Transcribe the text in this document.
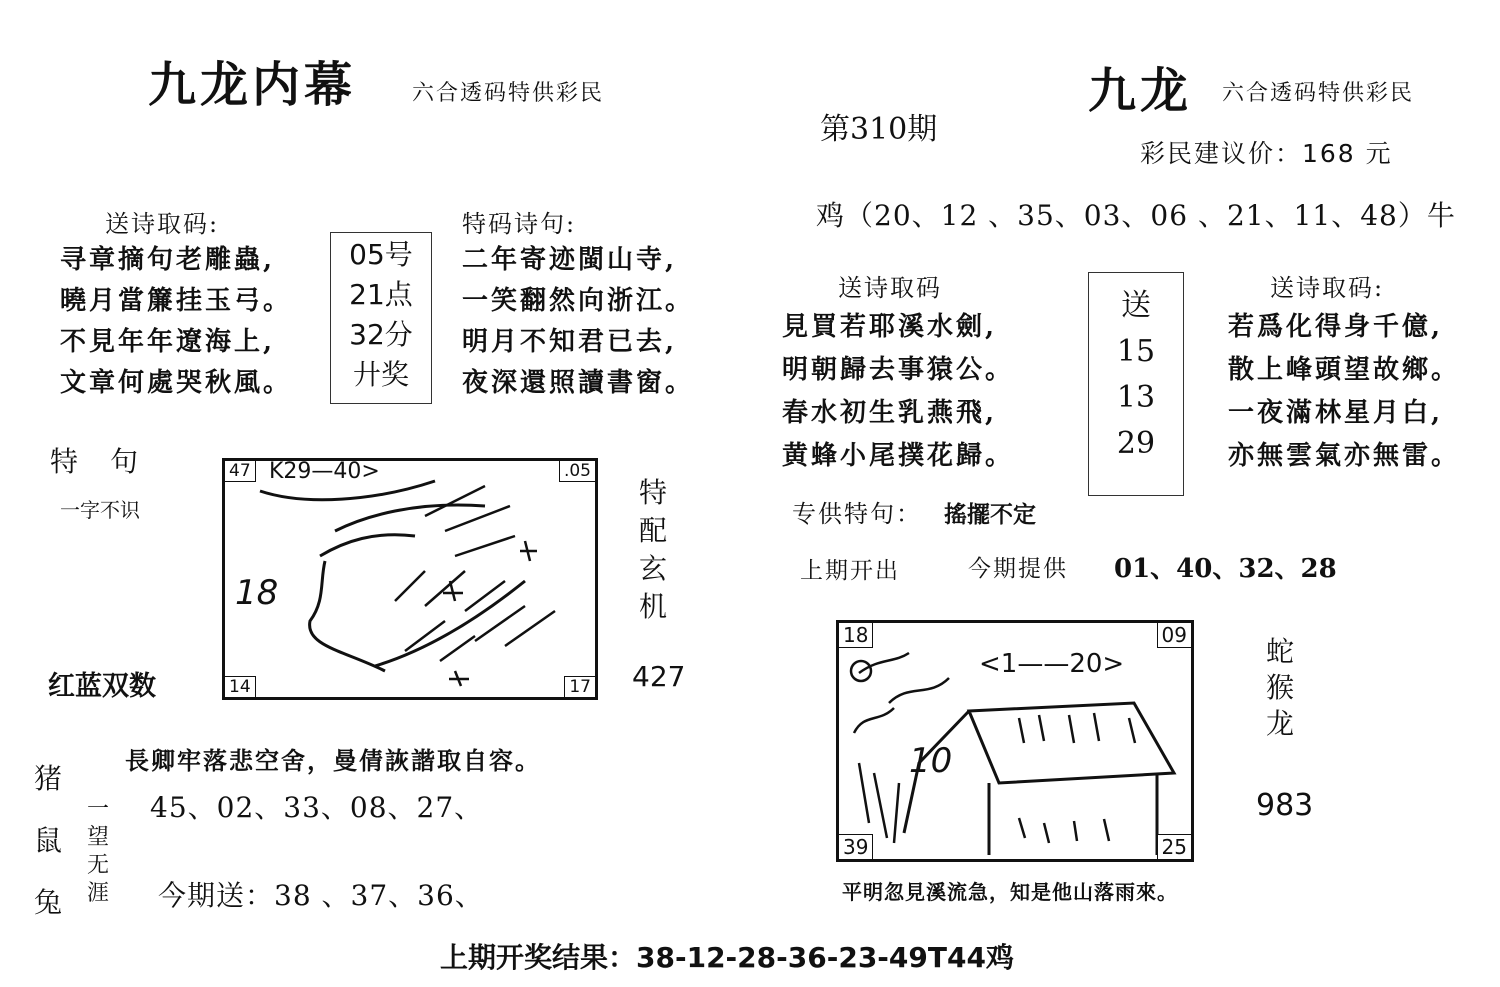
九龙内幕	六合透码特供彩民
送诗取码:
寻章摘句老雕蟲,
曉月當簾挂玉弓。
不見年年遼海上,
文章何處哭秋風。
05号
21点
32分
廾奖
特码诗句:
二年寄迹閩山寺,
一笑翻然向浙江。
明月不知君已去,
夜深還照讀書窗。
特　句
一字不识
红蓝双数
K29—40>
18
47	.05
14	17
特
配
玄
机
427
長卿牢落悲空舍，曼倩詼諧取自容。
猪
鼠
兔
一
望
无
涯
45、02、33、08、27、
今期送：38 、37、36、
第310期
九龙 六合透码特供彩民
彩民建议价：168 元
鸡（20、12 、35、03、06 、21、11、48）牛
送诗取码
見買若耶溪水劍,
明朝歸去事猿公。
春水初生乳燕飛,
黄蜂小尾撲花歸。
送
15
13
29
送诗取码:
若爲化得身千億,
散上峰頭望故鄉。
一夜滿林星月白,
亦無雲氣亦無雷。
专供特句： 搖擺不定
上期开出	今期提供 01、40、32、28
<1——20>
10
18	09
39	25
蛇
猴
龙
983
平明忽見溪流急，知是他山落雨來。
上期开奖结果：38-12-28-36-23-49T44鸡
